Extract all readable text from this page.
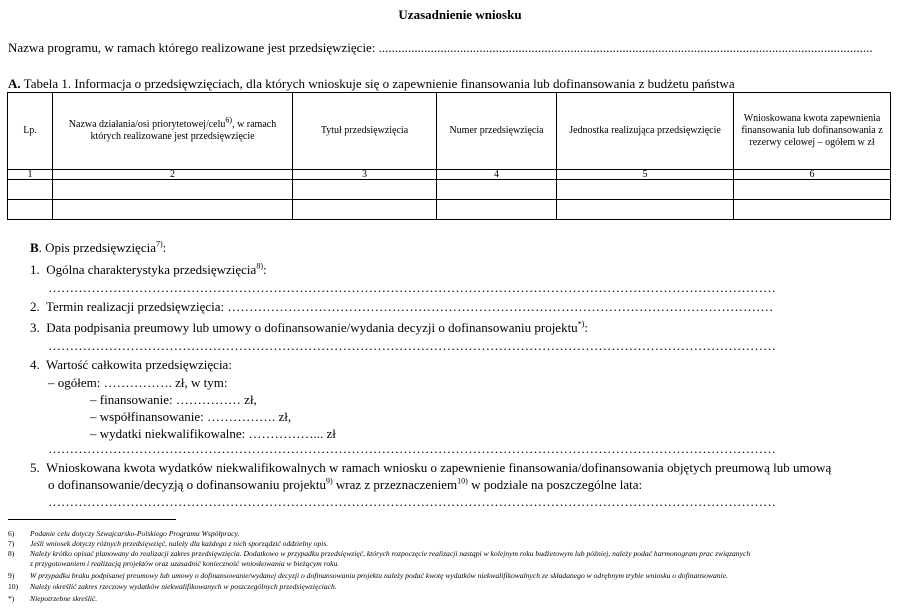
Uzasadnienie wniosku
Nazwa programu, w ramach którego realizowane jest przedsięwzięcie: ........................................................................................................................................................
A. Tabela 1. Informacja o przedsięwzięciach, dla których wnioskuje się o zapewnienie finansowania lub dofinansowania z budżetu państwa
Lp.	Nazwa działania/osi priorytetowej/celu$^{6)}$, w ramach których realizowane jest przedsięwzięcie	Tytuł przedsięwzięcia	Numer przedsięwzięcia	Jednostka realizująca przedsięwzięcie	Wnioskowana kwota zapewnienia finansowania lub dofinansowania z rezerwy celowej – ogółem w zł
1	2	3	4	5	6

B. Opis przedsięwzięcia$^{7)}$:
1. Ogólna charakterystyka przedsięwzięcia$^{8)}$:
……………………………………………………………………………………………………………………………………………………
2. Termin realizacji przedsięwzięcia: ………………………………………………………………………………………………………………
3. Data podpisania preumowy lub umowy o dofinansowanie/wydania decyzji o dofinansowaniu projektu*):
……………………………………………………………………………………………………………………………………………………
4. Wartość całkowita przedsięwzięcia:
– ogółem: ……………. zł, w tym:
– finansowanie: …………… zł,
– współfinansowanie: ……………. zł,
– wydatki niekwalifikowalne: ……………... zł
……………………………………………………………………………………………………………………………………………………
5. Wnioskowana kwota wydatków niekwalifikowalnych w ramach wniosku o zapewnienie finansowania/dofinansowania objętych preumową lub umową
o dofinansowanie/decyzją o dofinansowaniu projektu$^{9)}$ wraz z przeznaczeniem$^{10)}$ w podziale na poszczególne lata:
……………………………………………………………………………………………………………………………………………………
6) Podanie celu dotyczy Szwajcarsko-Polskiego Programu Współpracy.
7) Jeśli wniosek dotyczy różnych przedsięwzięć, należy dla każdego z nich sporządzić oddzielny opis.
8) Należy krótko opisać planowany do realizacji zakres przedsięwzięcia. Dodatkowo w przypadku przedsięwzięć, których rozpoczęcie realizacji nastąpi w kolejnym roku budżetowym lub później, należy podać harmonogram prac związanych
z przygotowaniem i realizacją projektów oraz uzasadnić konieczność wnioskowania w bieżącym roku.
9) W przypadku braku podpisanej preumowy lub umowy o dofinansowanie/wydanej decyzji o dofinansowaniu projektu należy podać kwotę wydatków niekwalifikowalnych ze składanego w odrębnym trybie wniosku o dofinansowanie.
10) Należy określić zakres rzeczowy wydatków niekwalifikowanych w poszczególnych przedsięwzięciach.
*) Niepotrzebne skreślić.
